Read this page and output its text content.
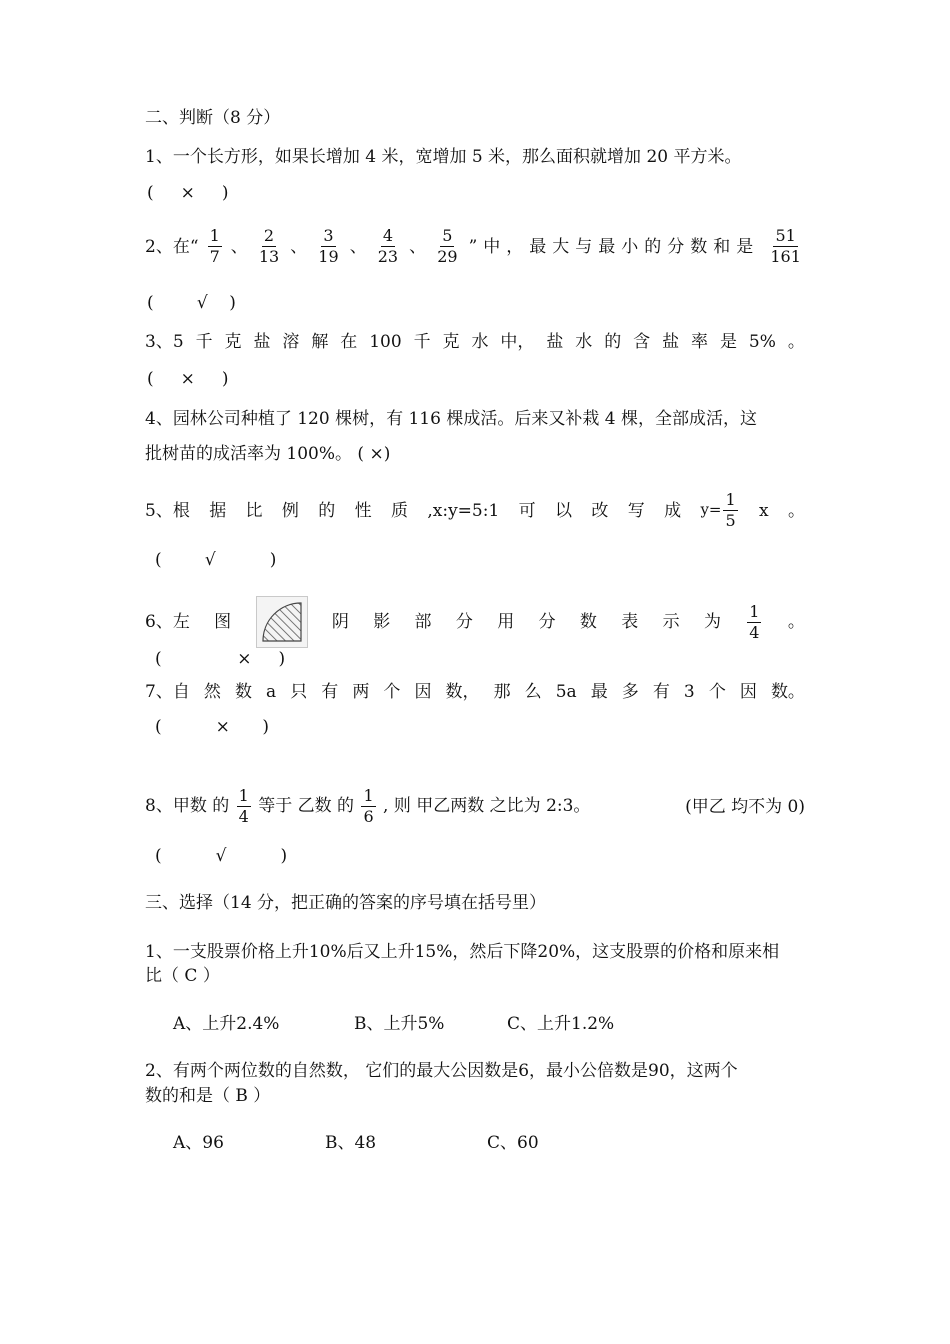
二、判断（8 分）
1、一个长方形，如果长增加 4 米，宽增加 5 米，那么面积就增加 20 平方米。
(     ×     )
2、在“ $\frac{1}{7}$ 、 $\frac{2}{13}$ 、 $\frac{3}{19}$ 、 $\frac{4}{23}$ 、 $\frac{5}{29}$ ”中，最大与最小的分数和是 $\frac{51}{161}$
(        √    )
3、5 千 克 盐 溶 解 在 100 千 克 水 中， 盐 水 的 含 盐 率 是 5% 。
(     ×     )
4、园林公司种植了 120 棵树，有 116 棵成活。后来又补栽 4 棵，全部成活，这
批树苗的成活率为 100%。 ( ×)
5、根 据 比 例 的 性 质 ,x:y=5:1 可 以 改 写 成 $y= \frac{1}{5}$ x 。
(        √          )
6、左 图	阴 影 部 分 用 分 数 表 示 为 $\frac{1}{4}$ 。
(              ×     )
7、自 然 数 a 只 有 两 个 因 数， 那 么 5a 最 多 有 3 个 因 数。
(          ×      )
8、甲数 的 $\frac{1}{4}$ 等于 乙数 的 $\frac{1}{6}$ , 则 甲乙两数 之比为 2:3。	(甲乙 均不为 0)
(          √          )
三、选择（14 分，把正确的答案的序号填在括号里）
1、一支股票价格上升10%后又上升15%，然后下降20%，这支股票的价格和原来相
比（ C ）
A、上升2.4%	B、上升5%	C、上升1.2%
2、有两个两位数的自然数， 它们的最大公因数是6，最小公倍数是90，这两个
数的和是（ B ）
A、96	B、48	C、60
